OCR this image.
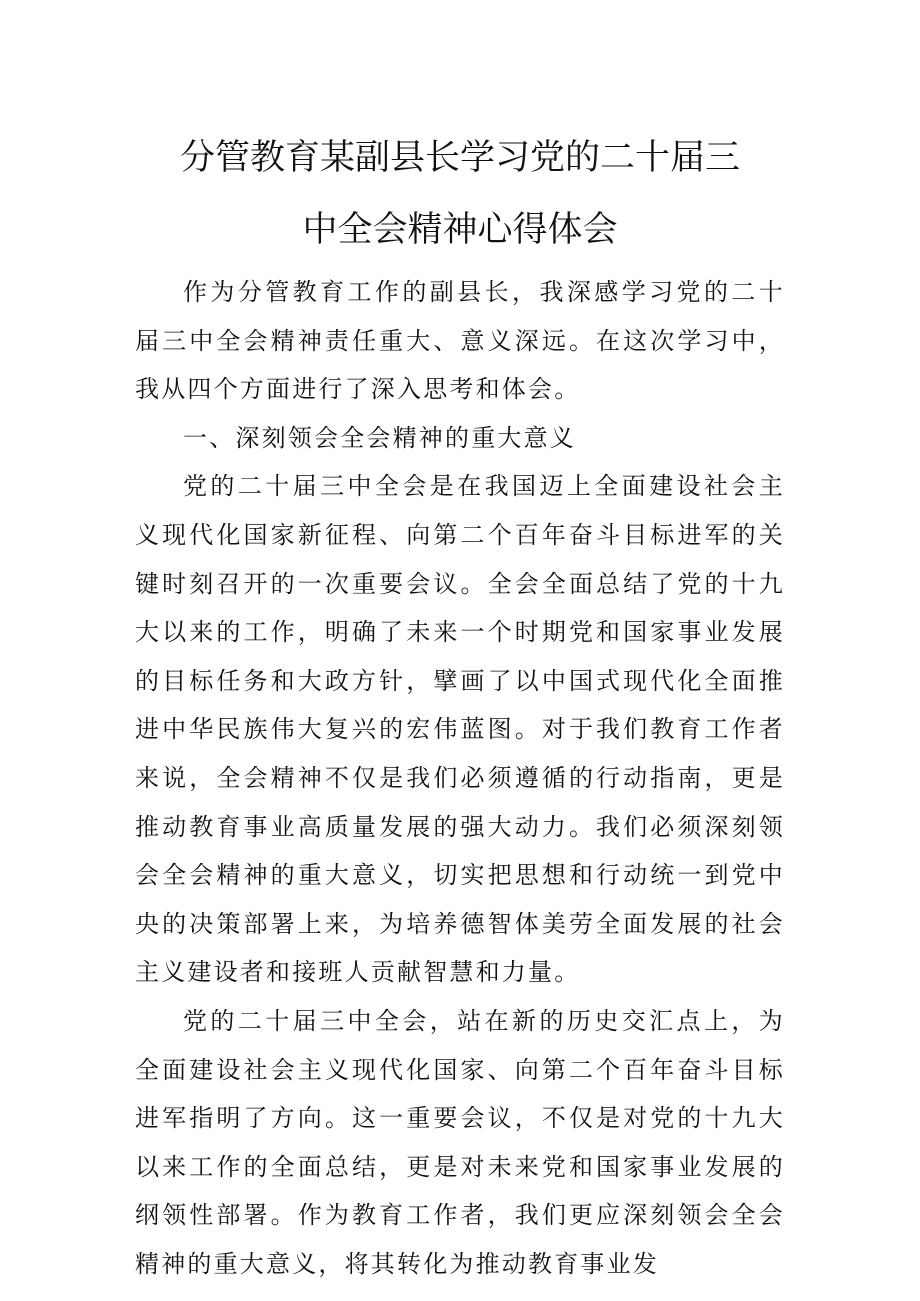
分管教育某副县长学习党的二十届三
中全会精神心得体会

作为分管教育工作的副县长，我深感学习党的二十届三中全会精神责任重大、意义深远。在这次学习中，我从四个方面进行了深入思考和体会。

一、深刻领会全会精神的重大意义

党的二十届三中全会是在我国迈上全面建设社会主义现代化国家新征程、向第二个百年奋斗目标进军的关键时刻召开的一次重要会议。全会全面总结了党的十九大以来的工作，明确了未来一个时期党和国家事业发展的目标任务和大政方针，擘画了以中国式现代化全面推进中华民族伟大复兴的宏伟蓝图。对于我们教育工作者来说，全会精神不仅是我们必须遵循的行动指南，更是推动教育事业高质量发展的强大动力。我们必须深刻领会全会精神的重大意义，切实把思想和行动统一到党中央的决策部署上来，为培养德智体美劳全面发展的社会主义建设者和接班人贡献智慧和力量。

党的二十届三中全会，站在新的历史交汇点上，为全面建设社会主义现代化国家、向第二个百年奋斗目标进军指明了方向。这一重要会议，不仅是对党的十九大以来工作的全面总结，更是对未来党和国家事业发展的纲领性部署。作为教育工作者，我们更应深刻领会全会精神的重大意义，将其转化为推动教育事业发
